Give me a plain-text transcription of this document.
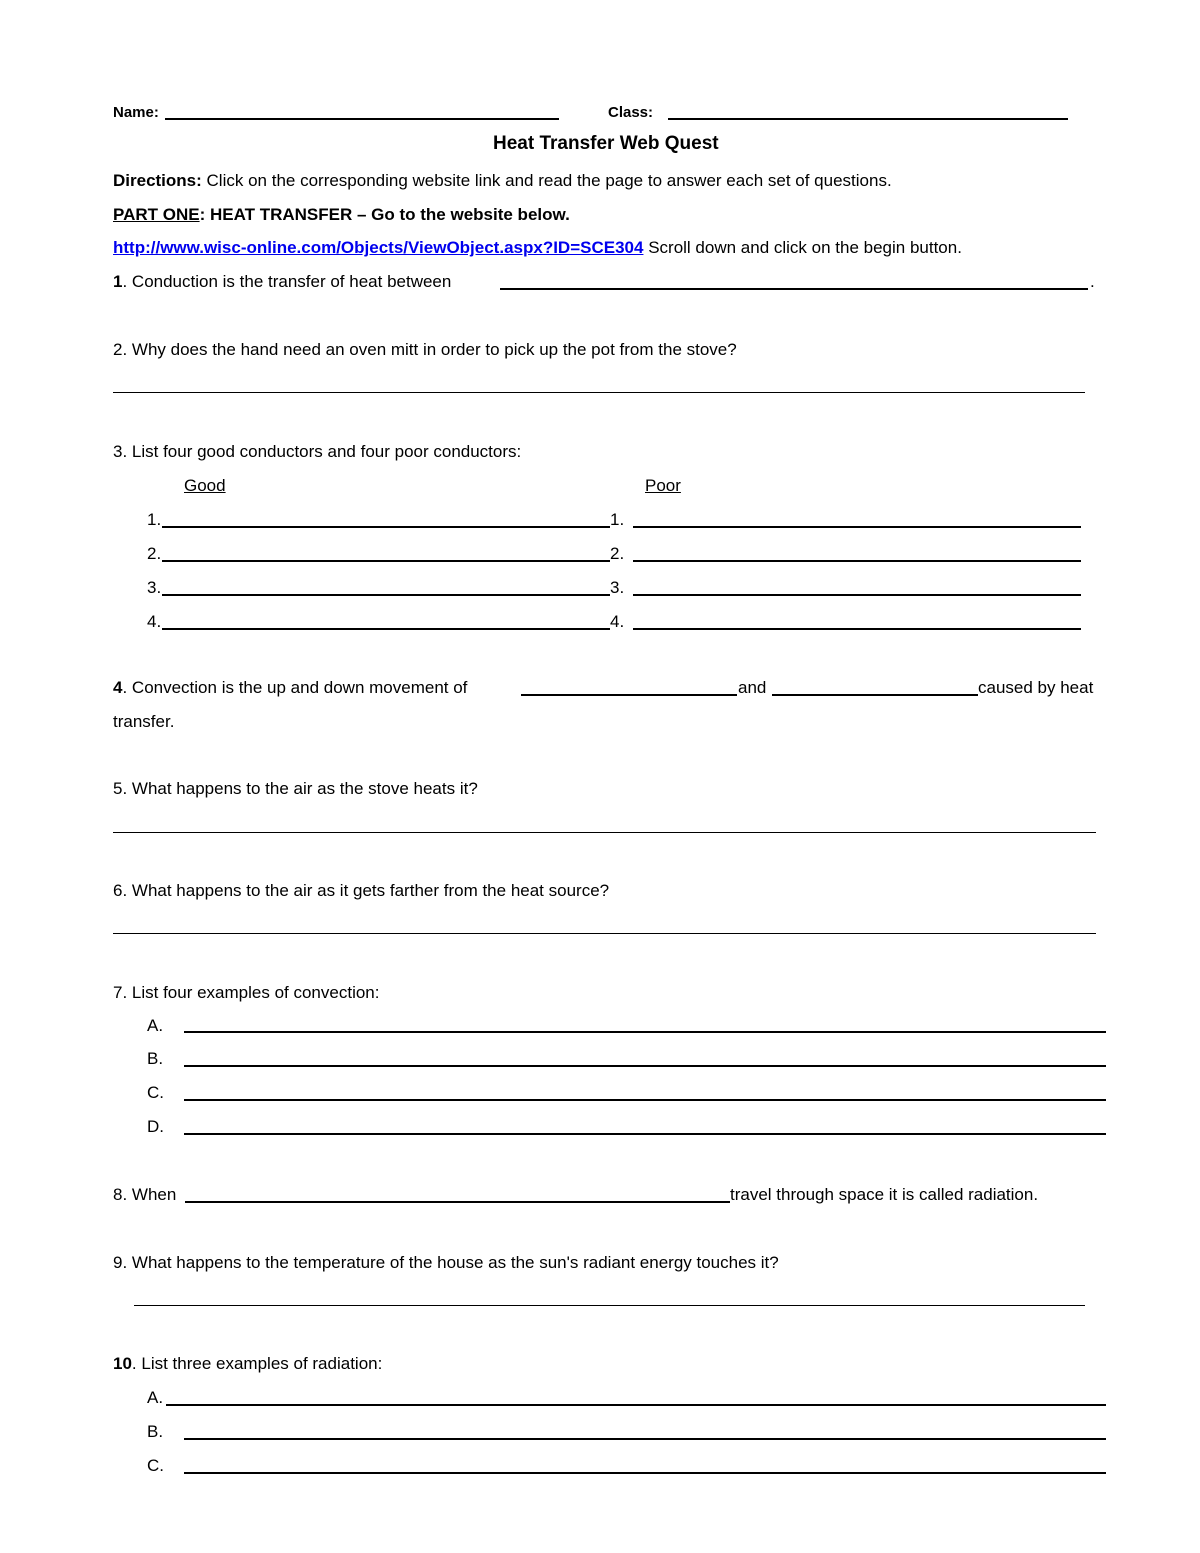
Name:	Class:
Heat Transfer Web Quest
Directions: Click on the corresponding website link and read the page to answer each set of questions.
PART ONE: HEAT TRANSFER – Go to the website below.
http://www.wisc-online.com/Objects/ViewObject.aspx?ID=SCE304 Scroll down and click on the begin button.
1. Conduction is the transfer of heat between	.
2. Why does the hand need an oven mitt in order to pick up the pot from the stove?
3. List four good conductors and four poor conductors:
Good	Poor
1.	1.
2.	2.
3.	3.
4.	4.
4. Convection is the up and down movement of	and	caused by heat
transfer.
5. What happens to the air as the stove heats it?
6. What happens to the air as it gets farther from the heat source?
7. List four examples of convection:
A.
B.
C.
D.
8. When	travel through space it is called radiation.
9. What happens to the temperature of the house as the sun's radiant energy touches it?
10. List three examples of radiation:
A.
B.
C.
